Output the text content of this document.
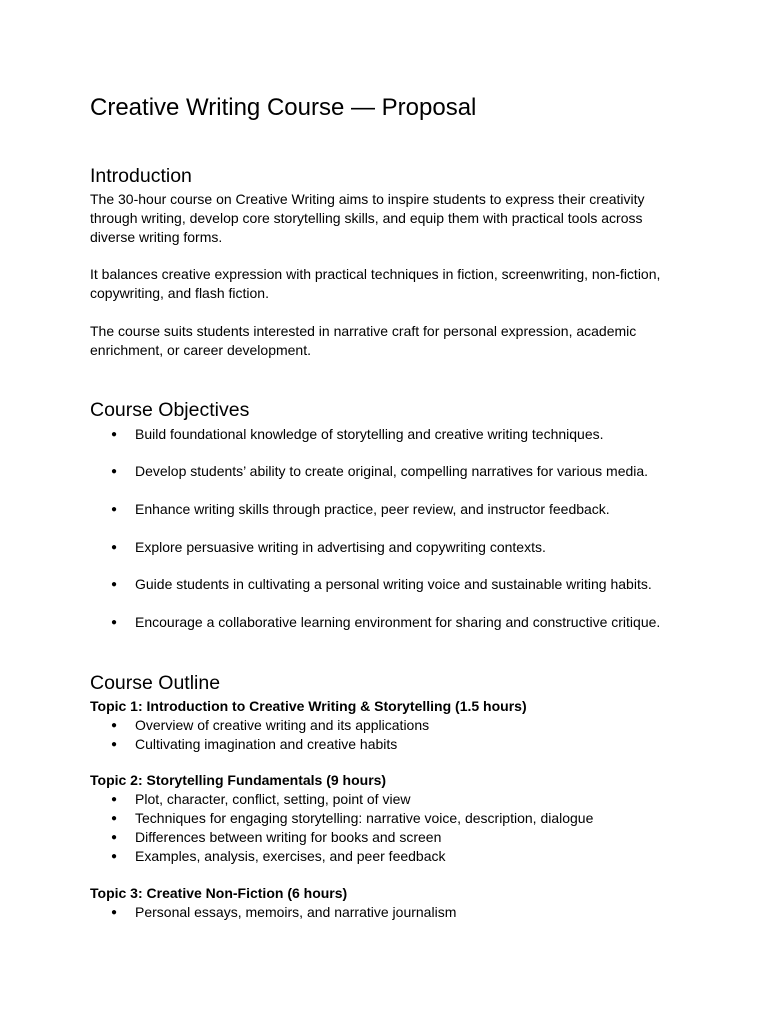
Creative Writing Course — Proposal
Introduction

The 30-hour course on Creative Writing aims to inspire students to express their creativity through writing, develop core storytelling skills, and equip them with practical tools across diverse writing forms.

It balances creative expression with practical techniques in fiction, screenwriting, non-fiction, copywriting, and flash fiction.

The course suits students interested in narrative craft for personal expression, academic enrichment, or career development.

Course Objectives
● Build foundational knowledge of storytelling and creative writing techniques.
● Develop students’ ability to create original, compelling narratives for various media.
● Enhance writing skills through practice, peer review, and instructor feedback.
● Explore persuasive writing in advertising and copywriting contexts.
● Guide students in cultivating a personal writing voice and sustainable writing habits.
● Encourage a collaborative learning environment for sharing and constructive critique.
Course Outline
Topic 1: Introduction to Creative Writing & Storytelling (1.5 hours)
● Overview of creative writing and its applications
● Cultivating imagination and creative habits
Topic 2: Storytelling Fundamentals (9 hours)
● Plot, character, conflict, setting, point of view
● Techniques for engaging storytelling: narrative voice, description, dialogue
● Differences between writing for books and screen
● Examples, analysis, exercises, and peer feedback
Topic 3: Creative Non-Fiction (6 hours)
● Personal essays, memoirs, and narrative journalism
